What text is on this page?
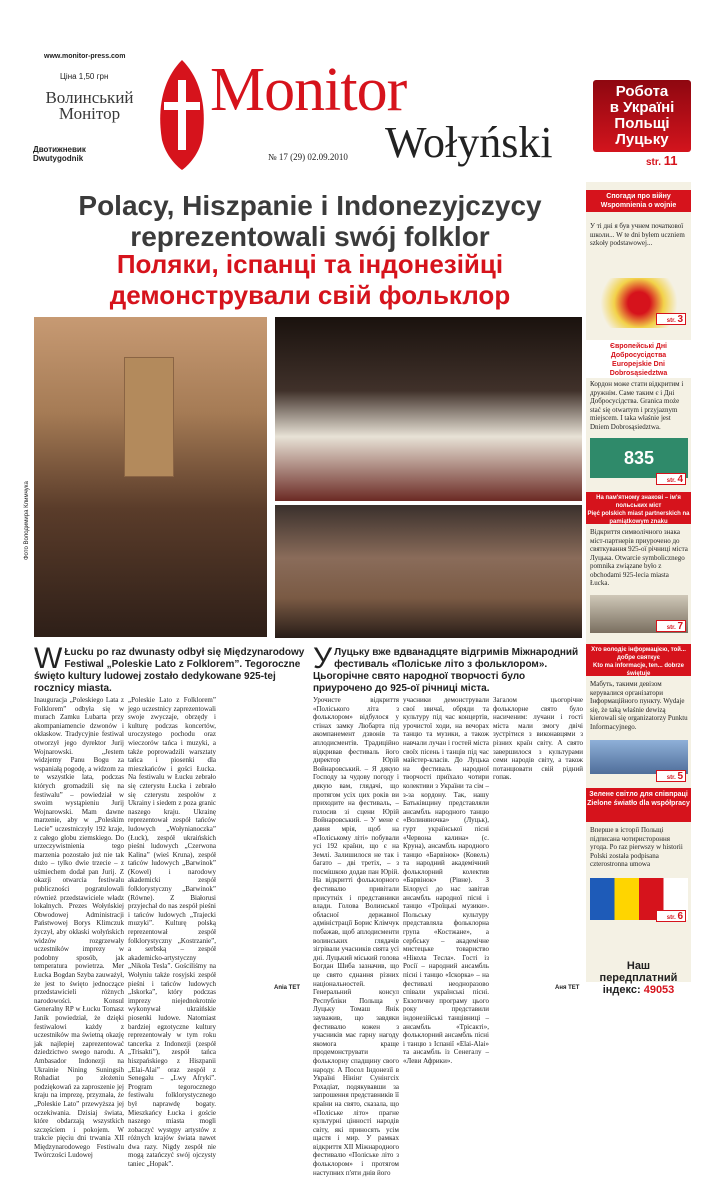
www.monitor-press.com
Ціна 1,50 грн
Волинський
Монітор
Двотижневик
Dwutygodnik
Monitor
Wołyński
№ 17 (29) 02.09.2010
Робота
в Україні
Польщі
Луцьку
str. 11
Polacy, Hiszpanie i Indonezyjczycy
reprezentowali swój folklor
Поляки, іспанці та індонезійці
демонстрували свій фольклор
Фото Володимира Климчука
W Łucku po raz dwunasty odbył się Międzynarodowy Festiwal „Poleskie Lato z Folklorem”. Tegoroczne święto kultury ludowej zostało dedykowane 925-tej rocznicy miasta.
У Луцьку вже вдванадцяте відгримів Міжнародний фестиваль «Поліське літо з фольклором». Цьогорічне свято народної творчості було приурочено до 925-ої річниці міста.
Inauguracja „Poleskiego Lata z Folklorem” odbyła się w murach Zamku Lubarta przy akompaniamencie dzwonów i okłaskow. Tradycyjnie festiwal otworzył jego dyrektor Jurij Wojnarowski. „Jestem widzjemy Panu Bogu za wspaniałą pogodę, a widzom za te wszystkie lata, podczas których gromadzili się na festiwalu” – powiedział w swoim wystąpieniu Jurij Wojnarowski. Mam dawne marzenie, aby w „Poleskim Lecie” uczestniczyły 192 kraje, z całego globu ziemskiego. Do urzeczywistnienia tego marzenia pozostało już nie tak dużo – tylko dwie trzecie – z uśmiechem dodał pan Jurij. Z okazji otwarcia festiwalu publiczności pogratulowali również przedstawiciele władz lokalnych. Prezes Wołyńskiej Obwodowej Administracji Państwowej Borys Klimczuk życzył, aby okłaski wołyńskich widzów rozgrzewały uczestników imprezy w podobny sposób, jak temperatura powietrza. Mer Łucka Bogdan Szyba zauważył, że jest to święto jednoczące przedstawicieli różnych narodowości. Konsul Generalny RP w Łucku Tomasz Janik powiedział, że dzięki festiwalowi każdy z uczestników ma świetną okazję jak najlepiej zaprezentować dziedzictwo swego narodu. A Ambasador Indonezji na Ukrainie Nining Suningsih Rohadiat po złożeniu podziękowań za zaproszenie jej kraju na imprezę, przyznała, że „Poleskie Lato” przewyższa jej oczekiwania. Dzisiaj świata, które obdarzają wszystkich szczęściem i pokojem. W trakcie pięciu dni trwania XII Międzynarodowego Festiwalu Twórczości Ludowej
„Poleskie Lato z Folklorem” jego uczestnicy zaprezentowali swoje zwyczaje, obrzędy i kulturę podczas koncertów, uroczystego pochodu oraz wieczorów tańca i muzyki, a także poprowadzili warsztaty tańca i piosenki dla mieszkańców i gości Łucka. Na festiwalu w Łucku zebrało się czterystu Łucka i zebrało się czterystu zespołów z Ukrainy i siedem z poza granic naszego kraju. Ukrainę reprezentował zespół tańców ludowych „Wołynianoczka” (Łuck), zespół ukraińskich pieśni ludowych „Czerwona Kalina” (wieś Kruna), zespół tańców ludowych „Barwinok” (Kowel) i narodowy akademicki zespół folklorystyczny „Barwinok” (Równe). Z Białorusi przyjechał do nas zespół pieśni i tańców ludowych „Trajecki muzyki”. Kulturę polską reprezentował zespół folklorystyczny „Kostrzanie”, a serbską – zespół akademicko-artystyczny „Nikoła Tesla”. Gościliśmy na Wołyniu także rosyjski zespół pieśni i tańców ludowych „Iskorka”, który podczas imprezy niejednokrotnie wykonywał ukraińskie piosenki ludowe. Natomiast bardziej egzotyczne kultury reprezentowały w tym roku tancerka z Indonezji (zespół „Trisakti”), zespół tańca hiszpańskiego z Hiszpanii „Elai-Alai” oraz zespół z Senegalu – „Lwy Afryki”. Program tegorocznego festiwalu folklorystycznego był naprawdę bogaty. Mieszkańcy Łucka i goście naszego miasta mogli zobaczyć występy artystów z różnych krajów świata nawet dwa razy. Nigdy zespół nie mogą zatańczyć swój ojczysty taniec „Hopak”.
Ania TET
Урочисте відкриття «Поліського літа з фольклором» відбулося у стінах замку Любарта під акомпанемент дзвонів та аплодисментів. Традиційно відкривав фестиваль його директор Юрій Войнаровський. – Я дякую Господу за чудову погоду і дякую вам, глядачі, що протягом усіх цих років ви приходите на фестиваль, – голосив зі сцени Юрій Войнаровський. – У мене є давня мрія, щоб на «Поліському літі» побували усі 192 країни, що є на Землі. Залишилося не так і багато – дві третіх, – з посмішкою додав пан Юрій. На відкритті фольклорного фестивалю привітали присутніх і представники влади. Голова Волинської обласної державної адміністрації Борис Клімчук побажав, щоб аплодисменти волинських глядачів зігрівали учасників свята усі дні. Луцький міський голова Богдан Шиба зазначив, що це свято єднання різних національностей. Генеральний консул Республіки Польща у Луцьку Томаш Янік зауважив, що завдяки фестивалю кожен з учасників має гарну нагоду якомога краще продемонструвати фольклорну спадщину свого народу. А Посол Індонезії в Україні Нінінг Сунінгсіх Рохадіат, подякувавши за запрошення представників її країни на свято, сказала, що «Поліське літо» прагне культурні цінності народів світу, які приносять усім щастя і мир. У рамках відкриття ХІІ Міжнародного фестивалю «Поліське літо з фольклором» і протягом наступних п'яти днів його
учасники демонстрували свої звичаї, обряди та культуру під час концертів, урочистої ходи, на вечорах танцю та музики, а також навчали лучан і гостей міста своїх пісень і танців під час майстер-класів. До Луцька на фестиваль народної творчості приїхало чотири колективи з України та сім – з-за кордону. Так, нашу Батьківщину представляли ансамбль народного танцю «Волиняночка» (Луцьк), гурт української пісні «Червона калина» (с. Круна), ансамбль народного танцю «Барвінок» (Ковель) та народний академічний фольклорний колектив «Барвінок» (Рівне). З Білорусі до нас завітав ансамбль народної пісні і танцю «Троїцькі музики». Польську культуру представляла фольклорна група «Костжане», а сербську – академічне мистецьке товариство «Нікола Тесла». Гості із Росії – народний ансамбль пісні і танцю «Іскорка» – на фестивалі неодноразово співали українські пісні. Екзотичну програму цього року представили індонезійські танцівниці – ансамбль «Трісакті», фольклорний ансамбль пісні і танцю з Іспанії «Elai-Alai» та ансамбль із Сенегалу – «Леви Африки».
Загалом цьогорічне фольклорне свято було насиченим: лучани і гості міста мали змогу двічі зустрітися з виконавцями з різних країн світу. А свято завершилося з культурами семи народів світу, а також потанцювати свій рідний гопак.
Аня ТЕТ
Спогади про війну
Wspomnienia o wojnie
У ті дні я був учнем початкової школи... W te dni byłem uczniem szkoły podstawowej...
str. 3
Європейські Дні Добросусідства
Europejskie Dni Dobrosąsiedztwa
Кордон може стати відкритим і дружнім. Саме таким є і Дні Добросусідства. Granica może stać się otwartym i przyjaznym miejscem. I taka właśnie jest Dniem Dobrosąsiedztwa.
835
str. 4
На пам'ятному знакові – ім'я польських міст
Pięć polskich miast partnerskich na pamiątkowym znaku
Відкриття символічного знака міст-партнерів приурочено до святкування 925-ої річниці міста Луцька. Otwarcie symbolicznego pomnika związane było z obchodami 925-lecia miasta Łucka.
str. 7
Хто володіє інформацією, той... добре святкує
Kto ma informacje, ten... dobrze świętuje
Мабуть, такими девізом керувалися організатори Інформаційного пункту. Wydaje się, że taką właśnie dewizą kierowali się organizatorzy Punktu Informacyjnego.
str. 5
Зелене світло для співпраці
Zielone światło dla współpracy
Вперше в історії Польщі підписана чотиристороння угода. Po raz pierwszy w historii Polski została podpisana czterostronna umowa
str. 6
Наш
передплатний
індекс: 49053
